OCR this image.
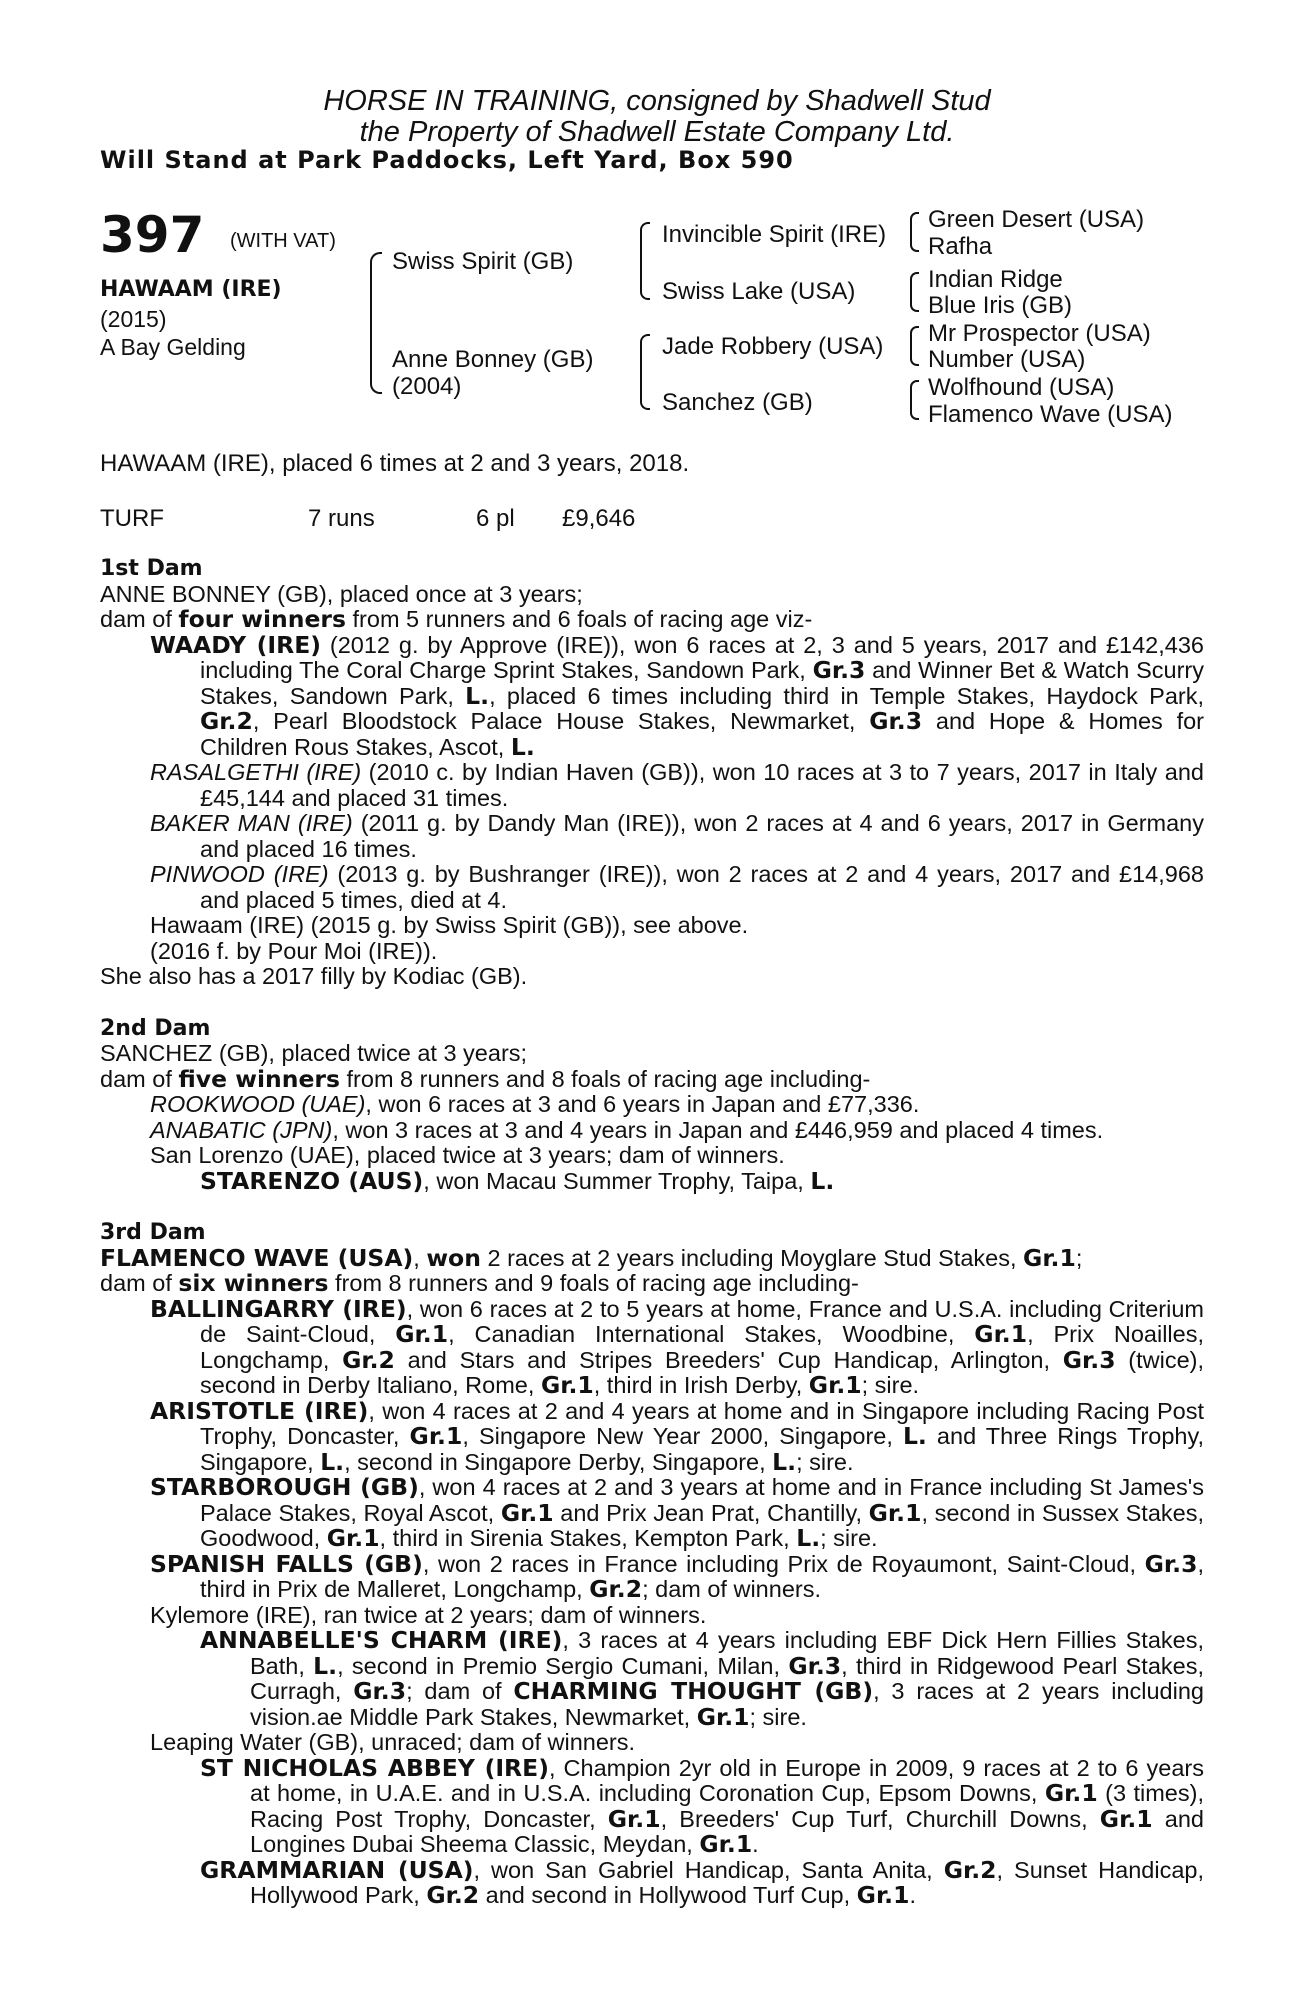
HORSE IN TRAINING, consigned by Shadwell Stud
the Property of Shadwell Estate Company Ltd.
Will Stand at Park Paddocks, Left Yard, Box 590
397 (WITH VAT)
HAWAAM (IRE)
(2015)
A Bay Gelding
Swiss Spirit (GB)
Anne Bonney (GB)
(2004)
Invincible Spirit (IRE)
Swiss Lake (USA)
Jade Robbery (USA)
Sanchez (GB)
Green Desert (USA)
Rafha
Indian Ridge
Blue Iris (GB)
Mr Prospector (USA)
Number (USA)
Wolfhound (USA)
Flamenco Wave (USA)
HAWAAM (IRE), placed 6 times at 2 and 3 years, 2018.
TURF	7 runs	6 pl £9,646

1st Dam

ANNE BONNEY (GB), placed once at 3 years;

dam of four winners from 5 runners and 6 foals of racing age viz-

WAADY (IRE) (2012 g. by Approve (IRE)), won 6 races at 2, 3 and 5 years, 2017 and £142,436 including The Coral Charge Sprint Stakes, Sandown Park, Gr.3 and Winner Bet & Watch Scurry Stakes, Sandown Park, L., placed 6 times including third in Temple Stakes, Haydock Park, Gr.2, Pearl Bloodstock Palace House Stakes, Newmarket, Gr.3 and Hope & Homes for Children Rous Stakes, Ascot, L.

RASALGETHI (IRE) (2010 c. by Indian Haven (GB)), won 10 races at 3 to 7 years, 2017 in Italy and £45,144 and placed 31 times.

BAKER MAN (IRE) (2011 g. by Dandy Man (IRE)), won 2 races at 4 and 6 years, 2017 in Germany and placed 16 times.

PINWOOD (IRE) (2013 g. by Bushranger (IRE)), won 2 races at 2 and 4 years, 2017 and £14,968 and placed 5 times, died at 4.

Hawaam (IRE) (2015 g. by Swiss Spirit (GB)), see above.

(2016 f. by Pour Moi (IRE)).

She also has a 2017 filly by Kodiac (GB).

2nd Dam

SANCHEZ (GB), placed twice at 3 years;

dam of five winners from 8 runners and 8 foals of racing age including-

ROOKWOOD (UAE), won 6 races at 3 and 6 years in Japan and £77,336.

ANABATIC (JPN), won 3 races at 3 and 4 years in Japan and £446,959 and placed 4 times.

San Lorenzo (UAE), placed twice at 3 years; dam of winners.

STARENZO (AUS), won Macau Summer Trophy, Taipa, L.

3rd Dam

FLAMENCO WAVE (USA), won 2 races at 2 years including Moyglare Stud Stakes, Gr.1;

dam of six winners from 8 runners and 9 foals of racing age including-

BALLINGARRY (IRE), won 6 races at 2 to 5 years at home, France and U.S.A. including Criterium de Saint-Cloud, Gr.1, Canadian International Stakes, Woodbine, Gr.1, Prix Noailles, Longchamp, Gr.2 and Stars and Stripes Breeders' Cup Handicap, Arlington, Gr.3 (twice), second in Derby Italiano, Rome, Gr.1, third in Irish Derby, Gr.1; sire.

ARISTOTLE (IRE), won 4 races at 2 and 4 years at home and in Singapore including Racing Post Trophy, Doncaster, Gr.1, Singapore New Year 2000, Singapore, L. and Three Rings Trophy, Singapore, L., second in Singapore Derby, Singapore, L.; sire.

STARBOROUGH (GB), won 4 races at 2 and 3 years at home and in France including St James's Palace Stakes, Royal Ascot, Gr.1 and Prix Jean Prat, Chantilly, Gr.1, second in Sussex Stakes, Goodwood, Gr.1, third in Sirenia Stakes, Kempton Park, L.; sire.

SPANISH FALLS (GB), won 2 races in France including Prix de Royaumont, Saint-Cloud, Gr.3, third in Prix de Malleret, Longchamp, Gr.2; dam of winners.

Kylemore (IRE), ran twice at 2 years; dam of winners.

ANNABELLE'S CHARM (IRE), 3 races at 4 years including EBF Dick Hern Fillies Stakes, Bath, L., second in Premio Sergio Cumani, Milan, Gr.3, third in Ridgewood Pearl Stakes, Curragh, Gr.3; dam of CHARMING THOUGHT (GB), 3 races at 2 years including vision.ae Middle Park Stakes, Newmarket, Gr.1; sire.

Leaping Water (GB), unraced; dam of winners.

ST NICHOLAS ABBEY (IRE), Champion 2yr old in Europe in 2009, 9 races at 2 to 6 years at home, in U.A.E. and in U.S.A. including Coronation Cup, Epsom Downs, Gr.1 (3 times), Racing Post Trophy, Doncaster, Gr.1, Breeders' Cup Turf, Churchill Downs, Gr.1 and Longines Dubai Sheema Classic, Meydan, Gr.1.

GRAMMARIAN (USA), won San Gabriel Handicap, Santa Anita, Gr.2, Sunset Handicap, Hollywood Park, Gr.2 and second in Hollywood Turf Cup, Gr.1.
